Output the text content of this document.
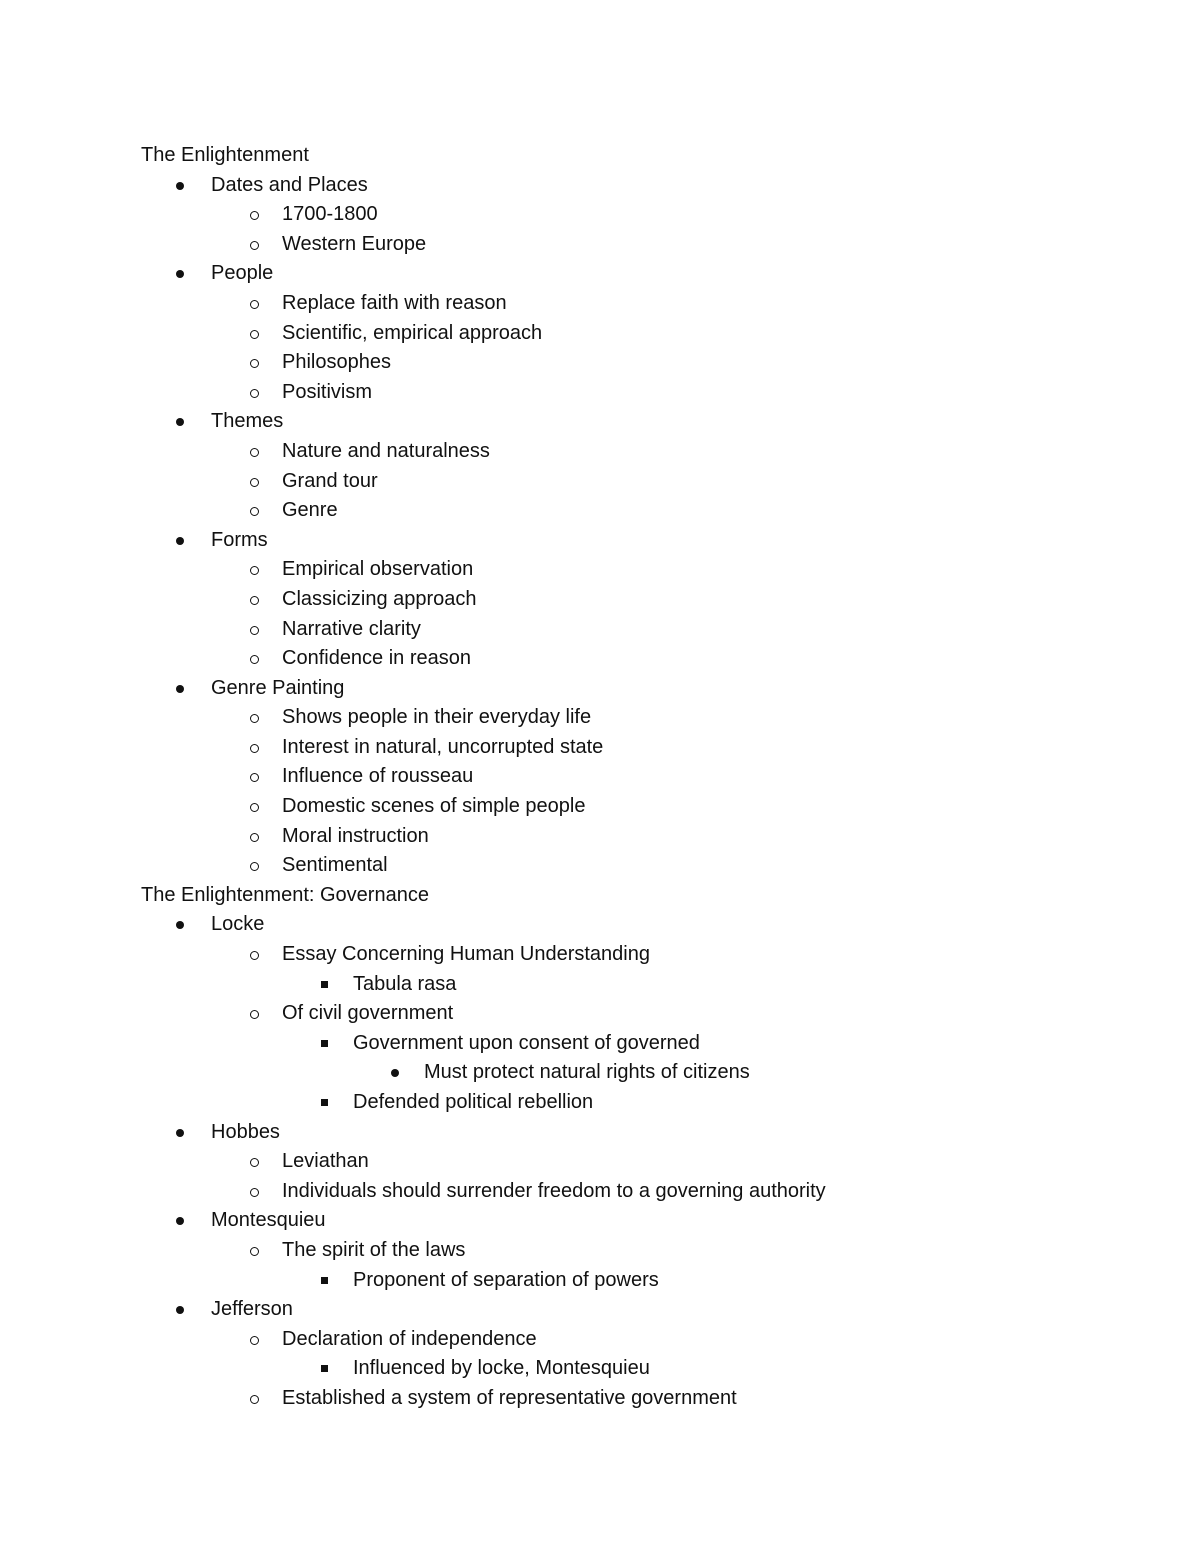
The Enlightenment
Dates and Places
1700-1800
Western Europe
People
Replace faith with reason
Scientific, empirical approach
Philosophes
Positivism
Themes
Nature and naturalness
Grand tour
Genre
Forms
Empirical observation
Classicizing approach
Narrative clarity
Confidence in reason
Genre Painting
Shows people in their everyday life
Interest in natural, uncorrupted state
Influence of rousseau
Domestic scenes of simple people
Moral instruction
Sentimental
The Enlightenment: Governance
Locke
Essay Concerning Human Understanding
Tabula rasa
Of civil government
Government upon consent of governed
Must protect natural rights of citizens
Defended political rebellion
Hobbes
Leviathan
Individuals should surrender freedom to a governing authority
Montesquieu
The spirit of the laws
Proponent of separation of powers
Jefferson
Declaration of independence
Influenced by locke, Montesquieu
Established a system of representative government
